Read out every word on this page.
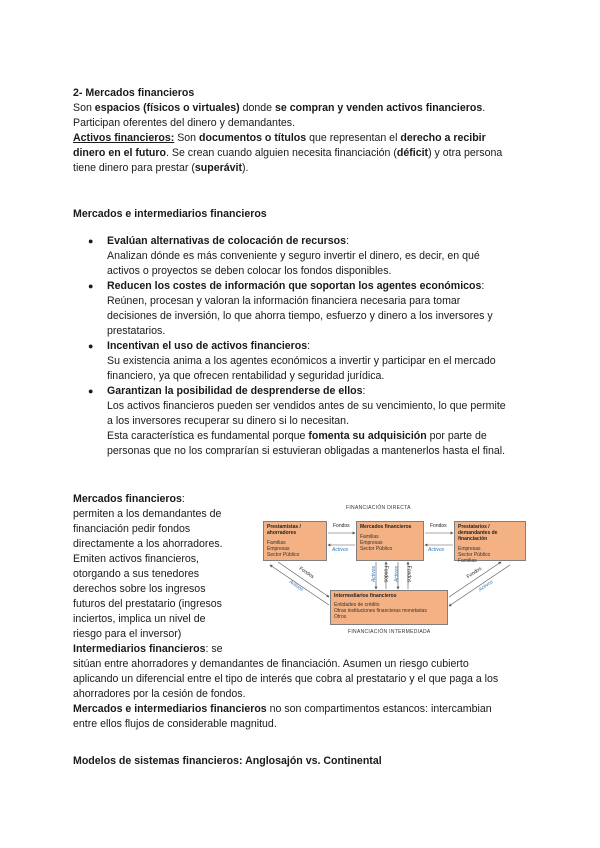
2- Mercados financieros
Son espacios (físicos o virtuales) donde se compran y venden activos financieros.
Participan oferentes del dinero y demandantes.
Activos financieros: Son documentos o títulos que representan el derecho a recibir
dinero en el futuro. Se crean cuando alguien necesita financiación (déficit) y otra persona
tiene dinero para prestar (superávit).
Mercados e intermediarios financieros
● Evalúan alternativas de colocación de recursos:
Analizan dónde es más conveniente y seguro invertir el dinero, es decir, en qué
activos o proyectos se deben colocar los fondos disponibles.
● Reducen los costes de información que soportan los agentes económicos:
Reúnen, procesan y valoran la información financiera necesaria para tomar
decisiones de inversión, lo que ahorra tiempo, esfuerzo y dinero a los inversores y
prestatarios.
● Incentivan el uso de activos financieros:
Su existencia anima a los agentes económicos a invertir y participar en el mercado
financiero, ya que ofrecen rentabilidad y seguridad jurídica.
● Garantizan la posibilidad de desprenderse de ellos:
Los activos financieros pueden ser vendidos antes de su vencimiento, lo que permite
a los inversores recuperar su dinero si lo necesitan.
Esta característica es fundamental porque fomenta su adquisición por parte de
personas que no los comprarían si estuvieran obligadas a mantenerlos hasta el final.
Mercados financieros:
permiten a los demandantes de
financiación pedir fondos
directamente a los ahorradores.
Emiten activos financieros,
otorgando a sus tenedores
derechos sobre los ingresos
futuros del prestatario (ingresos
inciertos, implica un nivel de
riesgo para el inversor)
Intermediarios financieros: se
sitúan entre ahorradores y demandantes de financiación. Asumen un riesgo cubierto
aplicando un diferencial entre el tipo de interés que cobra al prestatario y el que paga a los
ahorradores por la cesión de fondos.
Mercados e intermediarios financieros no son compartimentos estancos: intercambian
entre ellos flujos de considerable magnitud.
FINANCIACIÓN DIRECTA
Prestamistas / ahorradores
Familias
Empresas
Sector Público
Mercados financieros
Familias
Empresas
Sector Público
Prestatarios / demandantes de financiación
Empresas
Sector Público
Familias
Intermediarios financieros
Entidades de crédito
Otras instituciones financieras monetarias
Otros
FINANCIACIÓN INTERMEDIADA
Fondos
Activos
Fondos
Activos
Activos Fondos Activos Fondos
Fondos
Activos
Fondos
Activos
Modelos de sistemas financieros: Anglosajón vs. Continental
